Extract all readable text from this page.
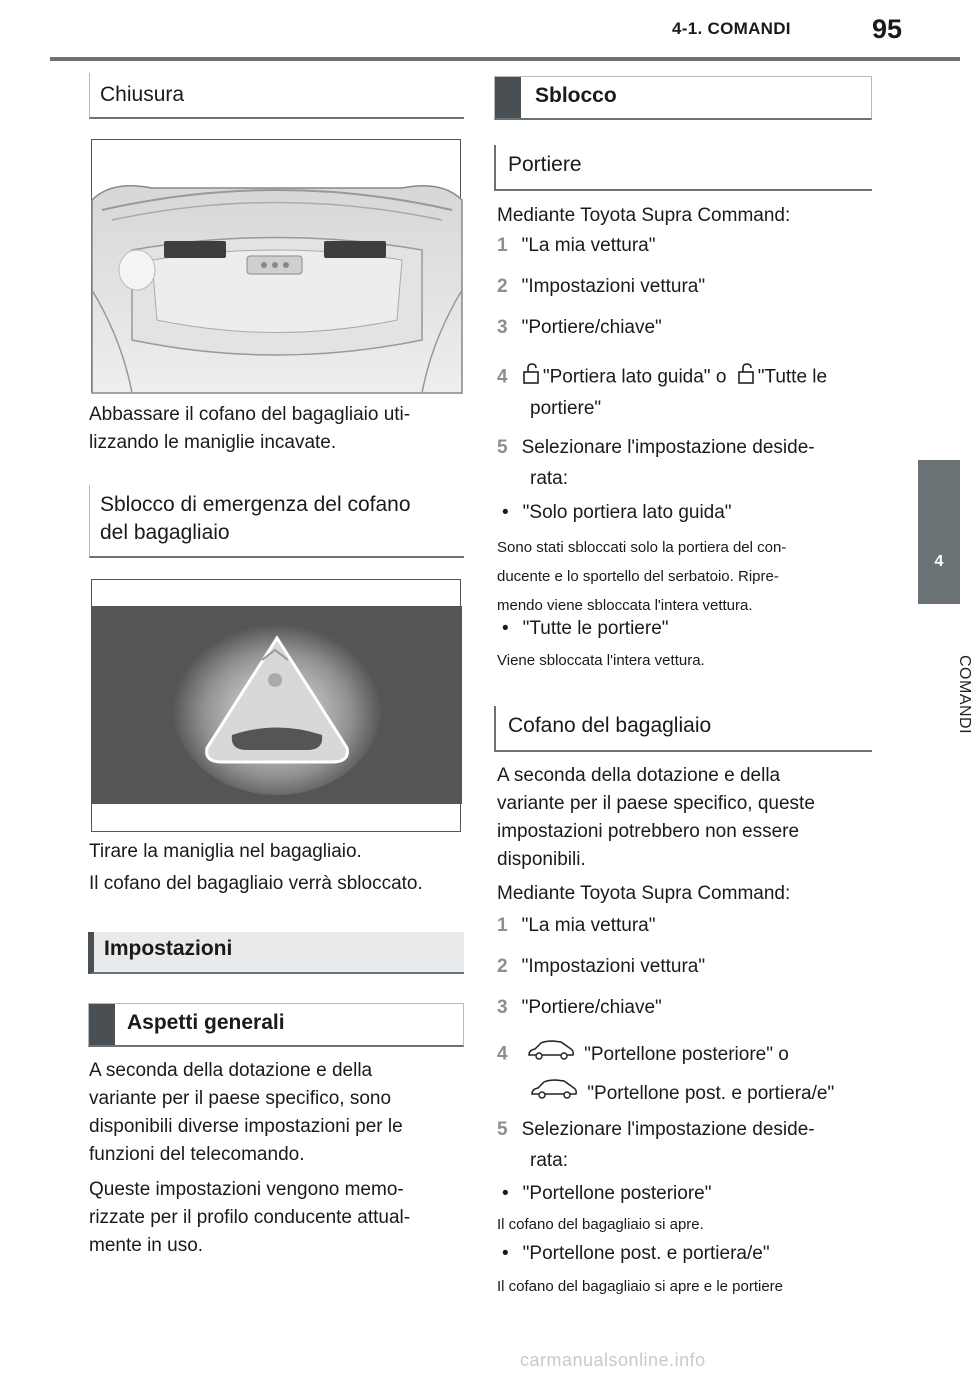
4-1. COMANDI	95
4
COMANDI
Chiusura
Abbassare il cofano del bagagliaio uti-
lizzando le maniglie incavate.
Sblocco di emergenza del cofano
del bagagliaio
Tirare la maniglia nel bagagliaio.
Il cofano del bagagliaio verrà sbloccato.
Impostazioni
Aspetti generali
A seconda della dotazione e della
variante per il paese specifico, sono
disponibili diverse impostazioni per le
funzioni del telecomando.
Queste impostazioni vengono memo-
rizzate per il profilo conducente attual-
mente in uso.
Sblocco
Portiere
Mediante Toyota Supra Command:
1 "La mia vettura"
2 "Impostazioni vettura"
3 "Portiere/chiave"
4 "Portiera lato guida" o "Tutte le
portiere"
5 Selezionare l'impostazione deside-
rata:
• "Solo portiera lato guida"
Sono stati sbloccati solo la portiera del con-
ducente e lo sportello del serbatoio. Ripre-
mendo viene sbloccata l'intera vettura.
• "Tutte le portiere"
Viene sbloccata l'intera vettura.
Cofano del bagagliaio
A seconda della dotazione e della
variante per il paese specifico, queste
impostazioni potrebbero non essere
disponibili.
Mediante Toyota Supra Command:
1 "La mia vettura"
2 "Impostazioni vettura"
3 "Portiere/chiave"
4	"Portellone posteriore" o
"Portellone post. e portiera/e"
5 Selezionare l'impostazione deside-
rata:
• "Portellone posteriore"
Il cofano del bagagliaio si apre.
• "Portellone post. e portiera/e"
Il cofano del bagagliaio si apre e le portiere
carmanualsonline.info
